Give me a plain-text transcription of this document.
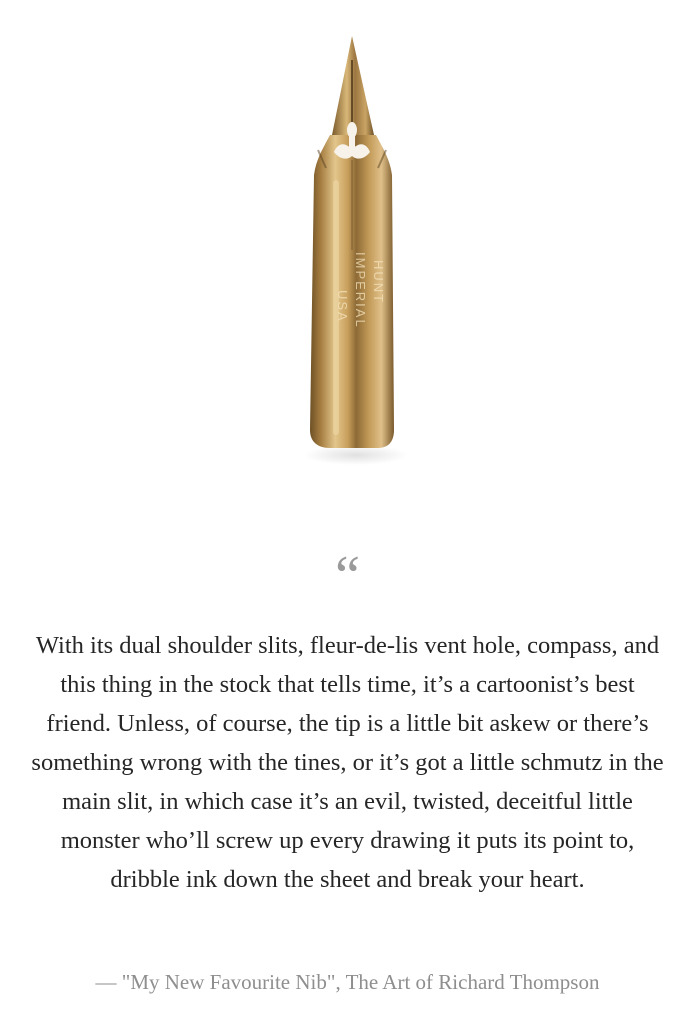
HUNT
IMPERIAL
USA
“

With its dual shoulder slits, fleur-de-lis vent hole, compass, and this thing in the stock that tells time, it’s a cartoonist’s best friend. Unless, of course, the tip is a little bit askew or there’s something wrong with the tines, or it’s got a little schmutz in the main slit, in which case it’s an evil, twisted, deceitful little monster who’ll screw up every drawing it puts its point to, dribble ink down the sheet and break your heart.

— "My New Favourite Nib", The Art of Richard Thompson
